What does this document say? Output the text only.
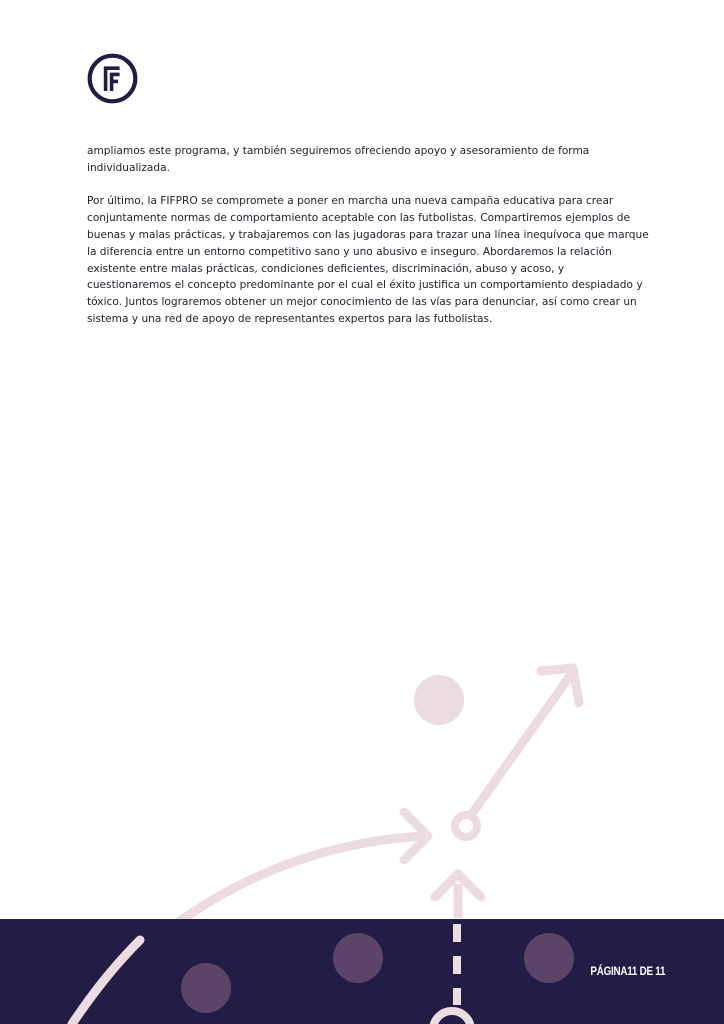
ampliamos este programa, y también seguiremos ofreciendo apoyo y asesoramiento de forma individualizada.

Por último, la FIFPRO se compromete a poner en marcha una nueva campaña educativa para crear conjuntamente normas de comportamiento aceptable con las futbolistas. Compartiremos ejemplos de buenas y malas prácticas, y trabajaremos con las jugadoras para trazar una línea inequívoca que marque la diferencia entre un entorno competitivo sano y uno abusivo e inseguro. Abordaremos la relación existente entre malas prácticas, condiciones deficientes, discriminación, abuso y acoso, y cuestionaremos el concepto predominante por el cual el éxito justifica un comportamiento despiadado y tóxico. Juntos lograremos obtener un mejor conocimiento de las vías para denunciar, así como crear un sistema y una red de apoyo de representantes expertos para las futbolistas.

PÁGINA11 DE 11
